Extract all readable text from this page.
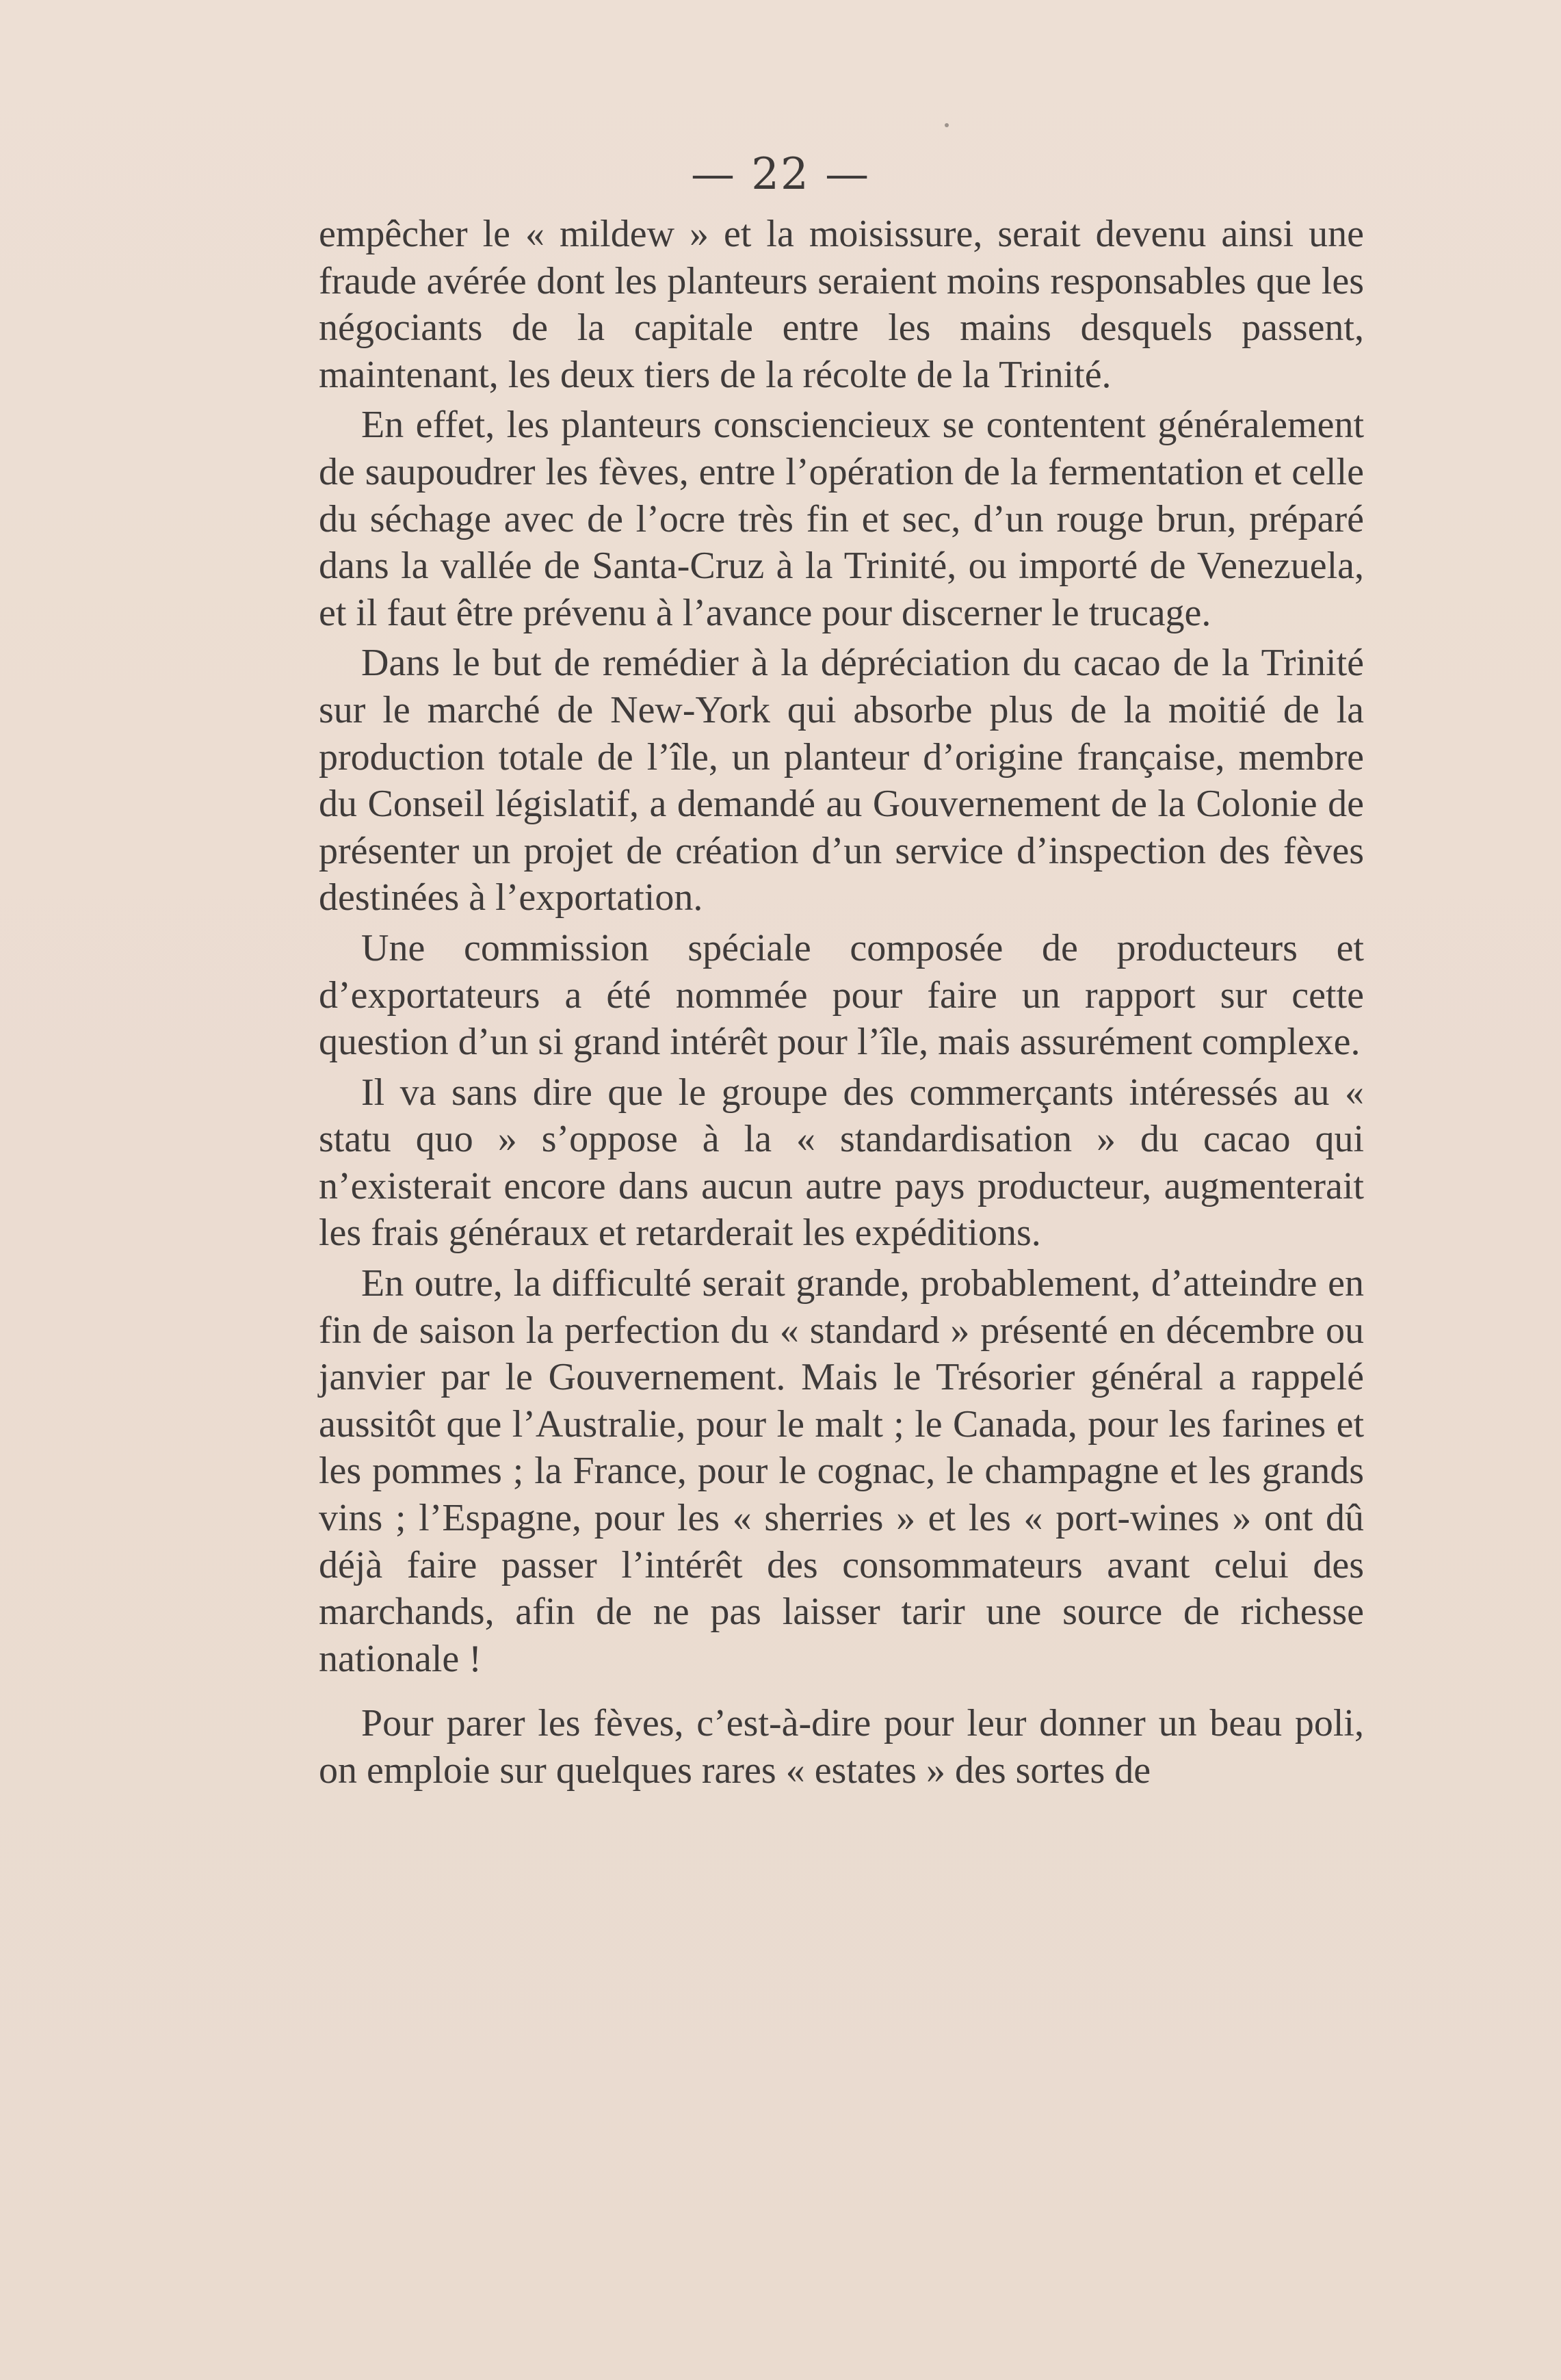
— 22 —

empêcher le « mildew » et la moisissure, serait devenu ainsi une fraude avérée dont les planteurs seraient moins responsables que les négociants de la capitale entre les mains desquels passent, maintenant, les deux tiers de la récolte de la Trinité.

En effet, les planteurs consciencieux se contentent généralement de saupoudrer les fèves, entre l’opération de la fermentation et celle du séchage avec de l’ocre très fin et sec, d’un rouge brun, préparé dans la vallée de Santa-Cruz à la Trinité, ou importé de Venezuela, et il faut être prévenu à l’avance pour discerner le trucage.

Dans le but de remédier à la dépréciation du cacao de la Trinité sur le marché de New-York qui absorbe plus de la moitié de la production totale de l’île, un planteur d’origine française, membre du Conseil législatif, a demandé au Gouvernement de la Colonie de présenter un projet de création d’un service d’inspection des fèves destinées à l’exportation.

Une commission spéciale composée de producteurs et d’exportateurs a été nommée pour faire un rapport sur cette question d’un si grand intérêt pour l’île, mais assurément complexe.

Il va sans dire que le groupe des commerçants intéressés au « statu quo » s’oppose à la « standardisation » du cacao qui n’existerait encore dans aucun autre pays producteur, augmenterait les frais généraux et retarderait les expéditions.

En outre, la difficulté serait grande, probablement, d’atteindre en fin de saison la perfection du « standard » présenté en décembre ou janvier par le Gouvernement. Mais le Trésorier général a rappelé aussitôt que l’Australie, pour le malt ; le Canada, pour les farines et les pommes ; la France, pour le cognac, le champagne et les grands vins ; l’Espagne, pour les « sherries » et les « port-wines » ont dû déjà faire passer l’intérêt des consommateurs avant celui des marchands, afin de ne pas laisser tarir une source de richesse nationale !

Pour parer les fèves, c’est-à-dire pour leur donner un beau poli, on emploie sur quelques rares « estates » des sortes de
